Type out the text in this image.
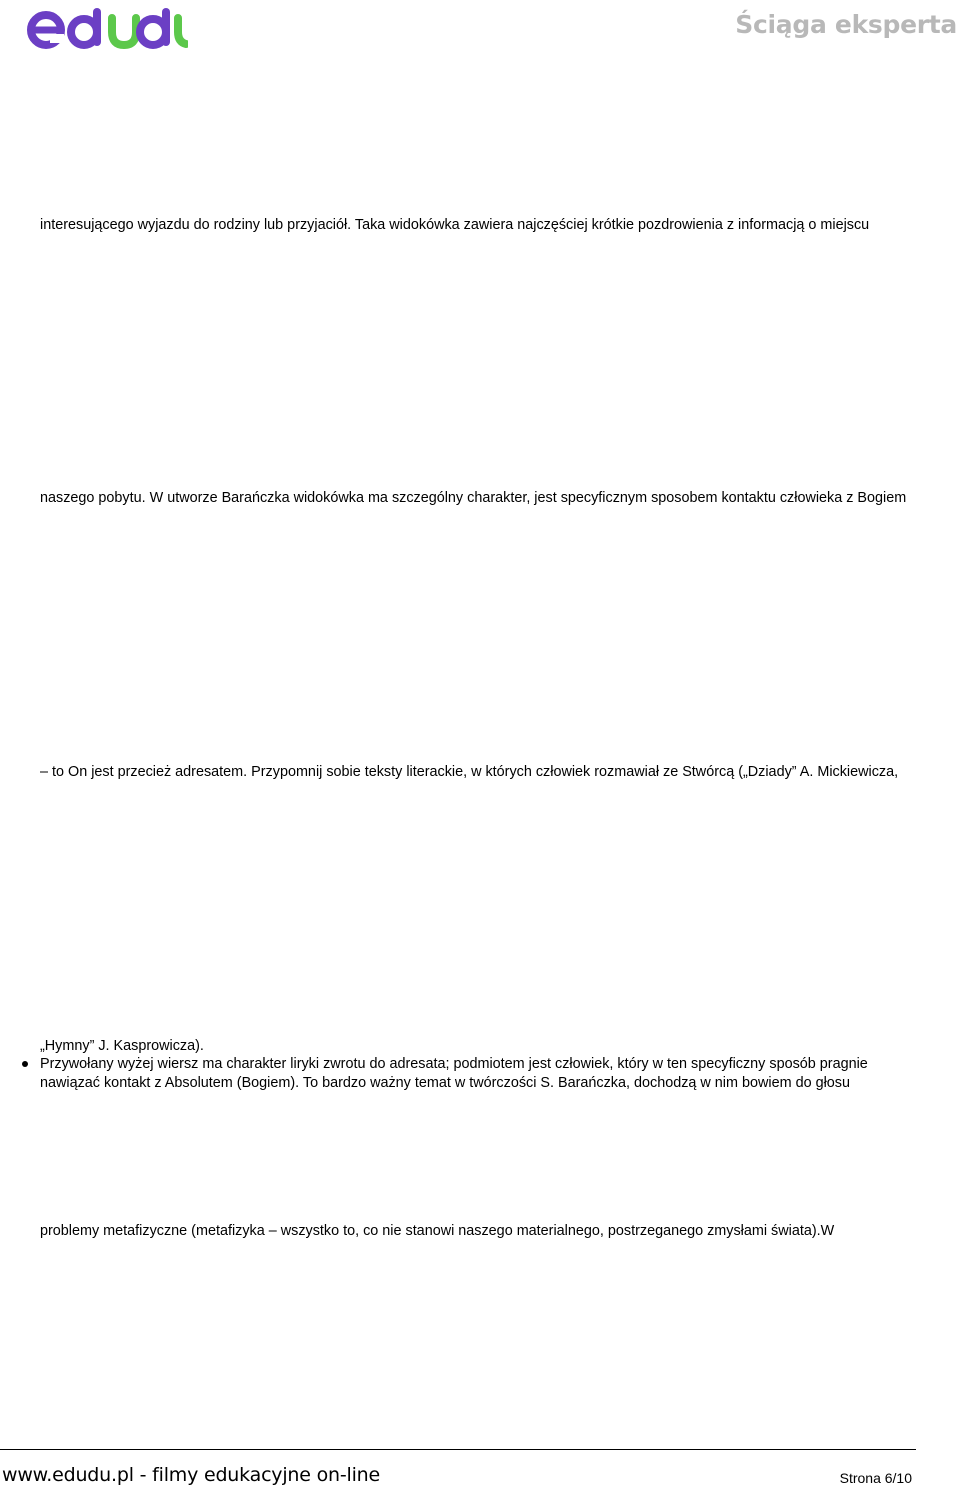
Ściąga eksperta
interesującego wyjazdu do rodziny lub przyjaciół. Taka widokówka zawiera najczęściej krótkie pozdrowienia z informacją o miejscu
naszego pobytu. W utworze Barańczka widokówka ma szczególny charakter, jest specyficznym sposobem kontaktu człowieka z Bogiem
– to On jest przecież adresatem. Przypomnij sobie teksty literackie, w których człowiek rozmawiał ze Stwórcą („Dziady” A. Mickiewicza,
„Hymny” J. Kasprowicza).
Przywołany wyżej wiersz ma charakter liryki zwrotu do adresata; podmiotem jest człowiek, który w ten specyficzny sposób pragnie nawiązać kontakt z Absolutem (Bogiem). To bardzo ważny temat w twórczości S. Barańczka, dochodzą w nim bowiem do głosu
problemy metafizyczne (metafizyka – wszystko to, co nie stanowi naszego materialnego, postrzeganego zmysłami świata).W
www.edudu.pl - filmy edukacyjne on-line	Strona 6/10
